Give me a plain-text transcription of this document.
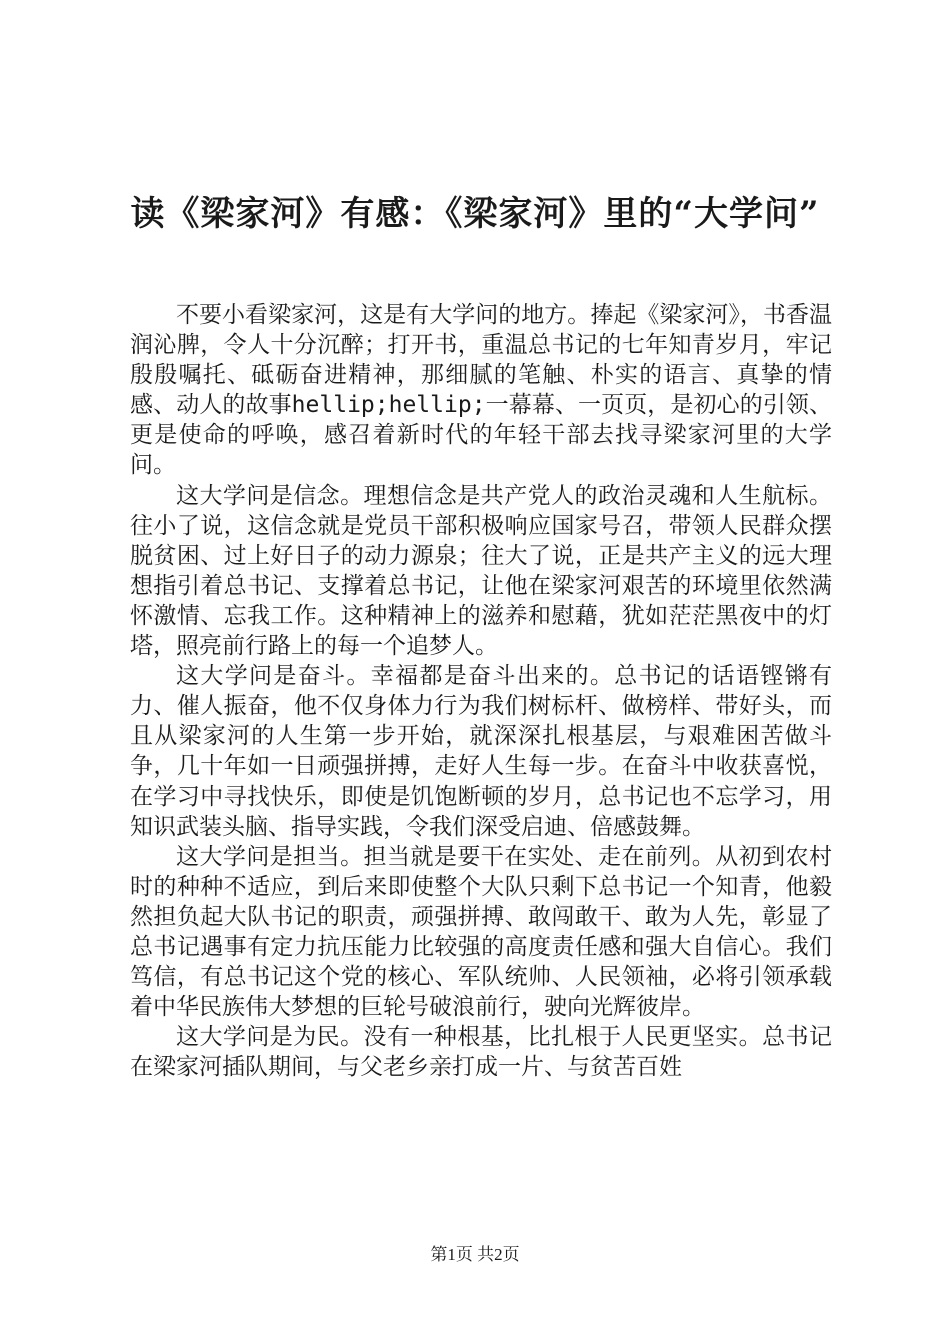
读《梁家河》有感：《梁家河》里的“大学问”

不要小看梁家河，这是有大学问的地方。捧起《梁家河》，书香温润沁脾，令人十分沉醉；打开书，重温总书记的七年知青岁月，牢记殷殷嘱托、砥砺奋进精神，那细腻的笔触、朴实的语言、真挚的情感、动人的故事hellip;hellip;一幕幕、一页页，是初心的引领、更是使命的呼唤，感召着新时代的年轻干部去找寻梁家河里的大学问。

这大学问是信念。理想信念是共产党人的政治灵魂和人生航标。往小了说，这信念就是党员干部积极响应国家号召，带领人民群众摆脱贫困、过上好日子的动力源泉；往大了说，正是共产主义的远大理想指引着总书记、支撑着总书记，让他在梁家河艰苦的环境里依然满怀激情、忘我工作。这种精神上的滋养和慰藉，犹如茫茫黑夜中的灯塔，照亮前行路上的每一个追梦人。

这大学问是奋斗。幸福都是奋斗出来的。总书记的话语铿锵有力、催人振奋，他不仅身体力行为我们树标杆、做榜样、带好头，而且从梁家河的人生第一步开始，就深深扎根基层，与艰难困苦做斗争，几十年如一日顽强拼搏，走好人生每一步。在奋斗中收获喜悦，在学习中寻找快乐，即使是饥饱断顿的岁月，总书记也不忘学习，用知识武装头脑、指导实践，令我们深受启迪、倍感鼓舞。

这大学问是担当。担当就是要干在实处、走在前列。从初到农村时的种种不适应，到后来即使整个大队只剩下总书记一个知青，他毅然担负起大队书记的职责，顽强拼搏、敢闯敢干、敢为人先，彰显了总书记遇事有定力抗压能力比较强的高度责任感和强大自信心。我们笃信，有总书记这个党的核心、军队统帅、人民领袖，必将引领承载着中华民族伟大梦想的巨轮号破浪前行，驶向光辉彼岸。

这大学问是为民。没有一种根基，比扎根于人民更坚实。总书记在梁家河插队期间，与父老乡亲打成一片、与贫苦百姓

第1页 共2页
